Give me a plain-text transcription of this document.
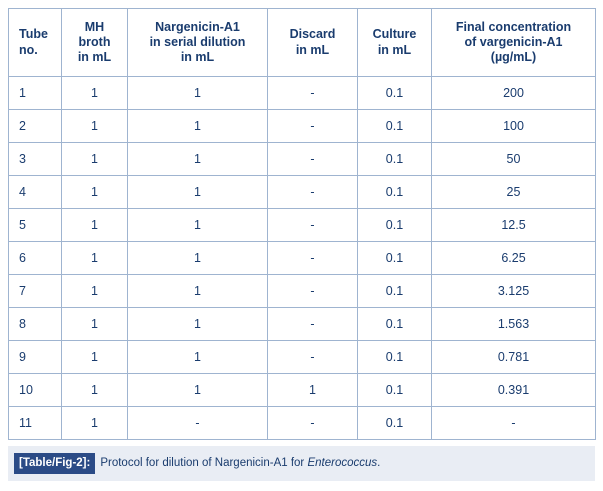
Tube
no.	MH
broth
in mL	Nargenicin-A1
in serial dilution
in mL	Discard
in mL	Culture
in mL	Final concentration
of vargenicin-A1
(µg/mL)
1	1	1	-	0.1	200
2	1	1	-	0.1	100
3	1	1	-	0.1	50
4	1	1	-	0.1	25
5	1	1	-	0.1	12.5
6	1	1	-	0.1	6.25
7	1	1	-	0.1	3.125
8	1	1	-	0.1	1.563
9	1	1	-	0.1	0.781
10	1	1	1	0.1	0.391
11	1	-	-	0.1	-
[Table/Fig-2]: Protocol for dilution of Nargenicin-A1 for Enterococcus.
